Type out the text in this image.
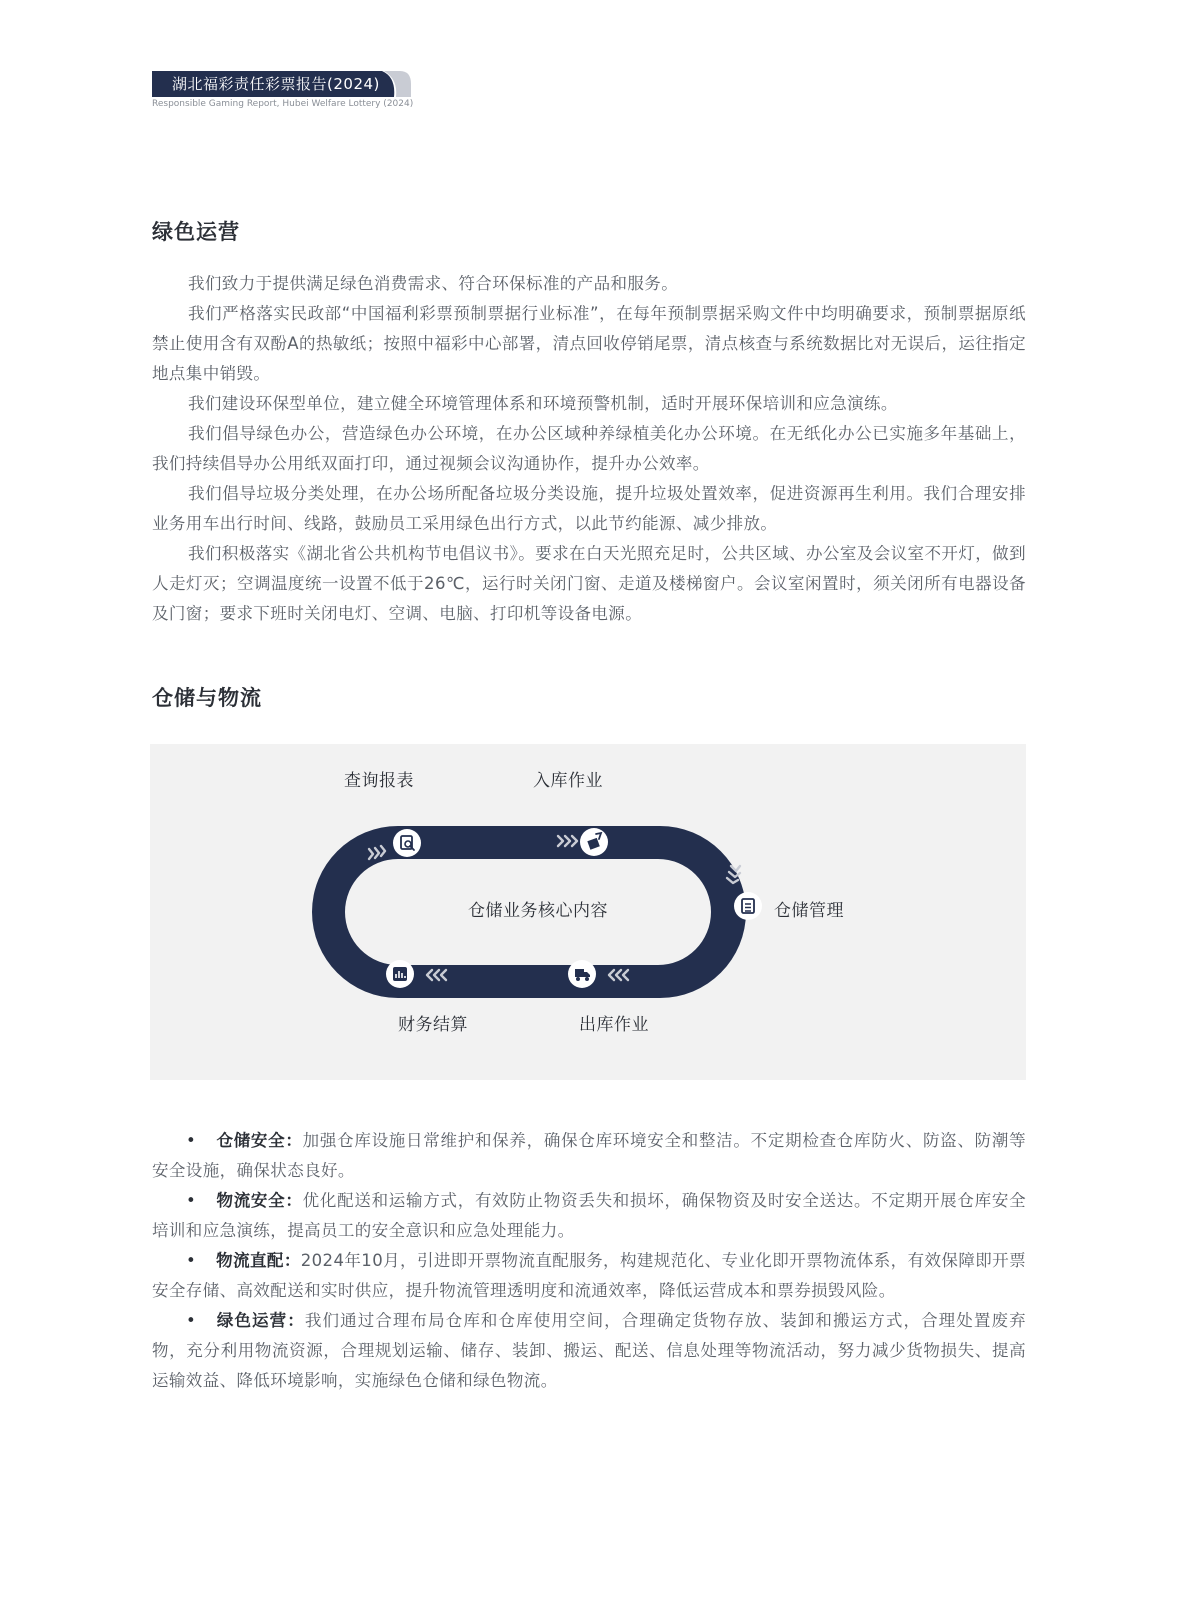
湖北福彩责任彩票报告(2024)
Responsible Gaming Report, Hubei Welfare Lottery (2024)
绿色运营

我们致力于提供满足绿色消费需求、符合环保标准的产品和服务。

我们严格落实民政部“中国福利彩票预制票据行业标准”，在每年预制票据采购文件中均明确要求，预制票据原纸禁止使用含有双酚A的热敏纸；按照中福彩中心部署，清点回收停销尾票，清点核查与系统数据比对无误后，运往指定地点集中销毁。

我们建设环保型单位，建立健全环境管理体系和环境预警机制，适时开展环保培训和应急演练。

我们倡导绿色办公，营造绿色办公环境，在办公区域种养绿植美化办公环境。在无纸化办公已实施多年基础上，我们持续倡导办公用纸双面打印，通过视频会议沟通协作，提升办公效率。

我们倡导垃圾分类处理，在办公场所配备垃圾分类设施，提升垃圾处置效率，促进资源再生利用。我们合理安排业务用车出行时间、线路，鼓励员工采用绿色出行方式，以此节约能源、减少排放。

我们积极落实《湖北省公共机构节电倡议书》。要求在白天光照充足时，公共区域、办公室及会议室不开灯，做到人走灯灭；空调温度统一设置不低于26℃，运行时关闭门窗、走道及楼梯窗户。会议室闲置时，须关闭所有电器设备及门窗；要求下班时关闭电灯、空调、电脑、打印机等设备电源。

仓储与物流
查询报表	入库作业
仓储管理
出库作业
财务结算
仓储业务核心内容
• 仓储安全：加强仓库设施日常维护和保养，确保仓库环境安全和整洁。不定期检查仓库防火、防盗、防潮等安全设施，确保状态良好。
• 物流安全：优化配送和运输方式，有效防止物资丢失和损坏，确保物资及时安全送达。不定期开展仓库安全培训和应急演练，提高员工的安全意识和应急处理能力。
• 物流直配：2024年10月，引进即开票物流直配服务，构建规范化、专业化即开票物流体系，有效保障即开票安全存储、高效配送和实时供应，提升物流管理透明度和流通效率，降低运营成本和票券损毁风险。
• 绿色运营：我们通过合理布局仓库和仓库使用空间，合理确定货物存放、装卸和搬运方式，合理处置废弃物，充分利用物流资源，合理规划运输、储存、装卸、搬运、配送、信息处理等物流活动，努力减少货物损失、提高运输效益、降低环境影响，实施绿色仓储和绿色物流。
